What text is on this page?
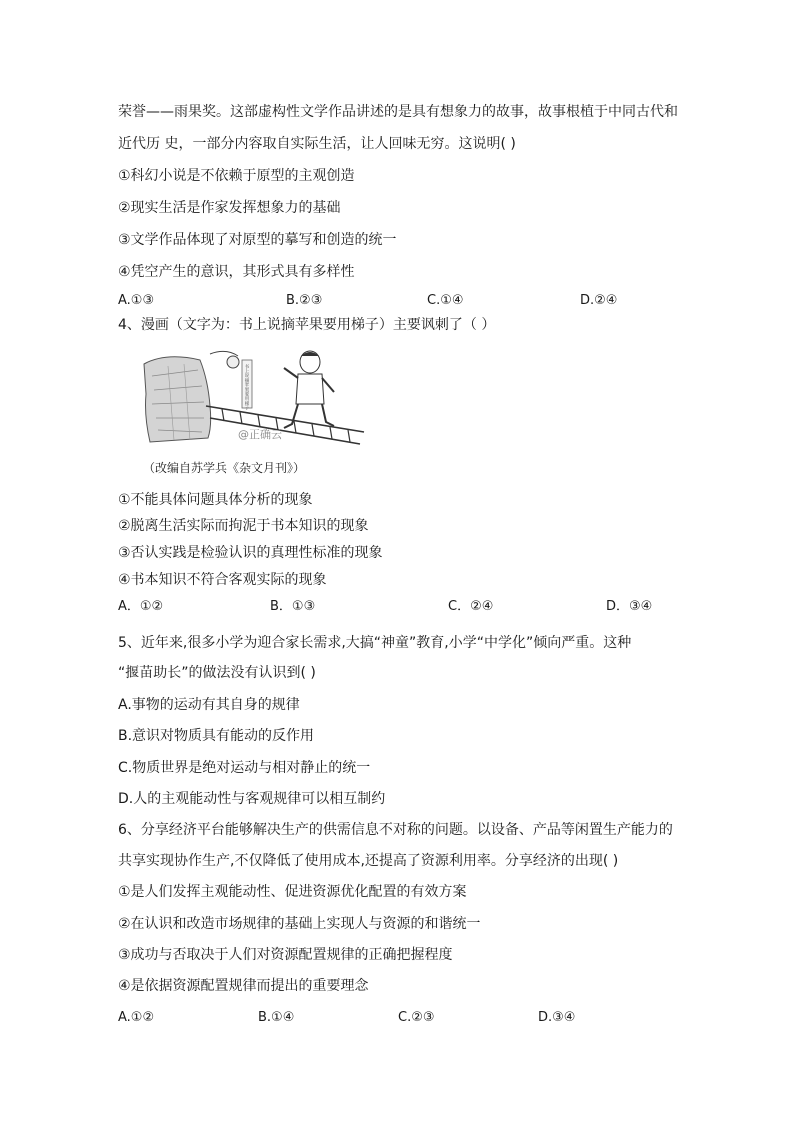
荣誉——雨果奖。这部虚构性文学作品讲述的是具有想象力的故事，故事根植于中同古代和
近代历 史，一部分内容取自实际生活，让人回味无穷。这说明( )
①科幻小说是不依赖于原型的主观创造
②现实生活是作家发挥想象力的基础
③文学作品体现了对原型的摹写和创造的统一
④凭空产生的意识，其形式具有多样性
A.①③	B.②③	C.①④	D.②④
4、漫画（文字为：书上说摘苹果要用梯子）主要讽刺了（ ）
书上说摘苹果要用梯子
@正确云
（改编自苏学兵《杂文月刊》）
①不能具体问题具体分析的现象
②脱离生活实际而拘泥于书本知识的现象
③否认实践是检验认识的真理性标准的现象
④书本知识不符合客观实际的现象
A．①②	B．①③	C．②④	D．③④
5、近年来,很多小学为迎合家长需求,大搞“神童”教育,小学“中学化”倾向严重。这种
“揠苗助长”的做法没有认识到( )
A.事物的运动有其自身的规律
B.意识对物质具有能动的反作用
C.物质世界是绝对运动与相对静止的统一
D.人的主观能动性与客观规律可以相互制约
6、分享经济平台能够解决生产的供需信息不对称的问题。以设备、产品等闲置生产能力的
共享实现协作生产,不仅降低了使用成本,还提高了资源利用率。分享经济的出现( )
①是人们发挥主观能动性、促进资源优化配置的有效方案
②在认识和改造市场规律的基础上实现人与资源的和谐统一
③成功与否取决于人们对资源配置规律的正确把握程度
④是依据资源配置规律而提出的重要理念
A.①②	B.①④	C.②③	D.③④
